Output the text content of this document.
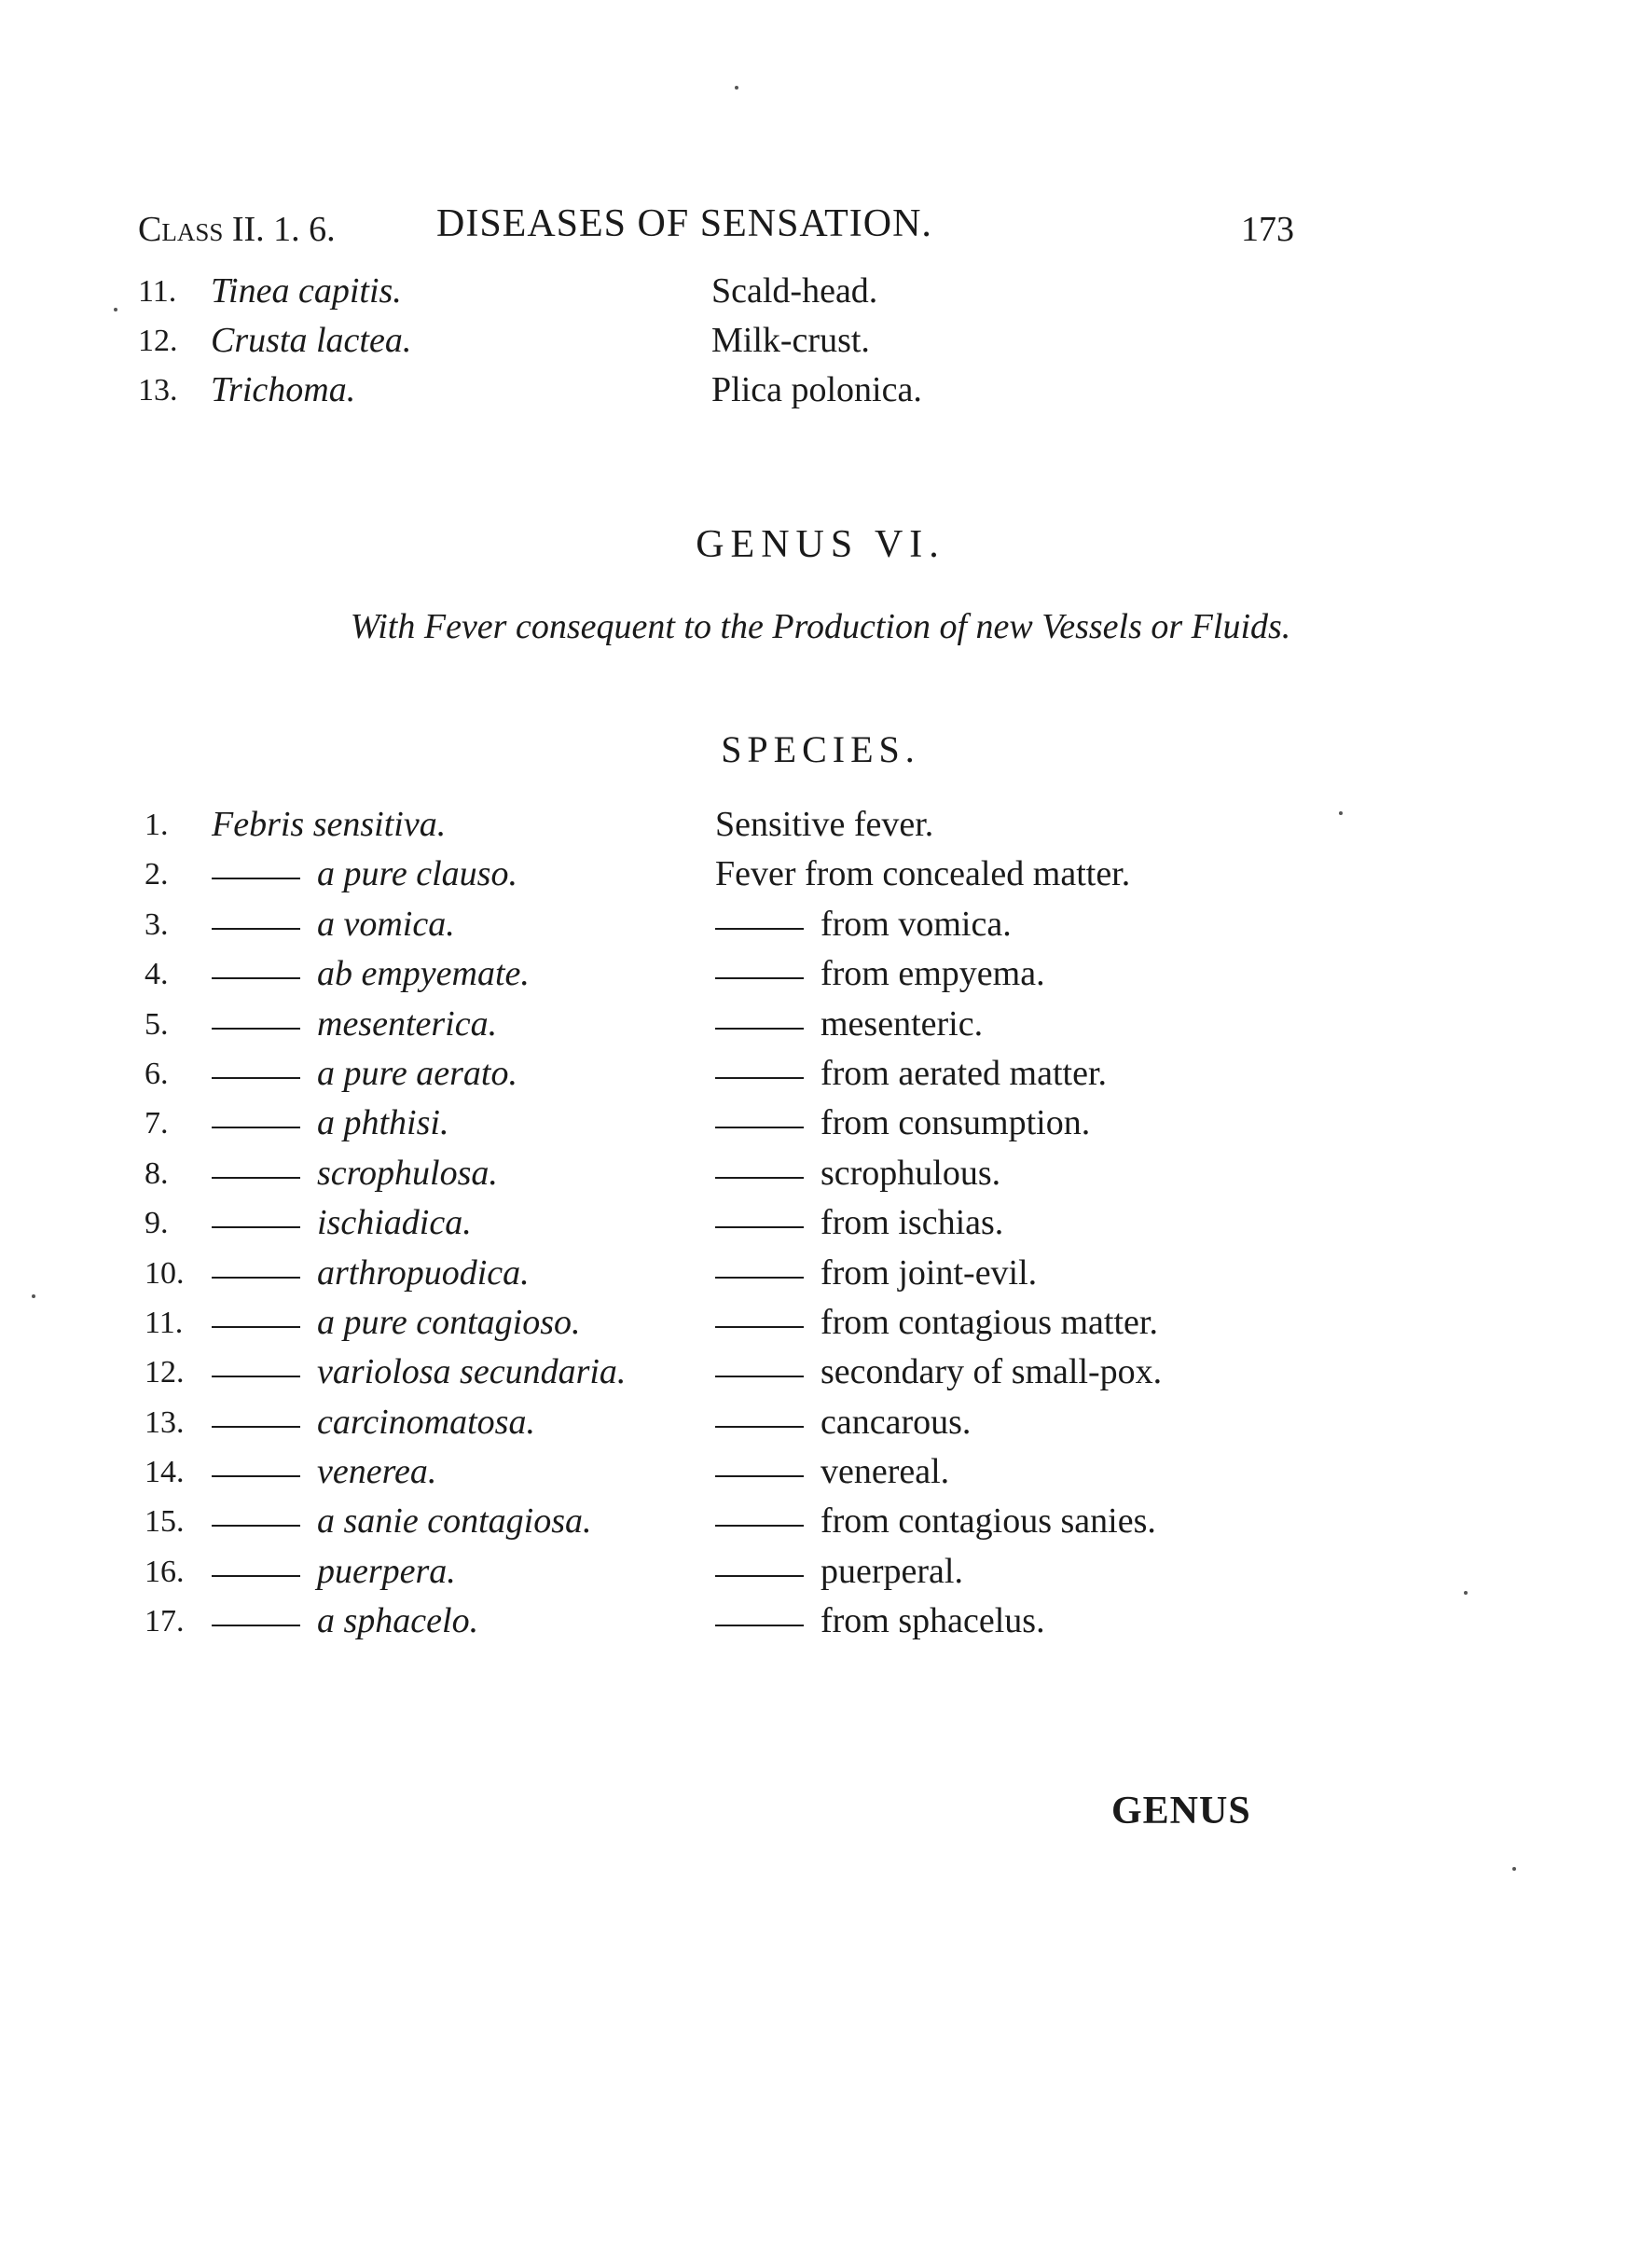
Class II. 1. 6.	DISEASES OF SENSATION.	173
11. Tinea capitis.	Scald-head.
12. Crusta lactea.	Milk-crust.
13. Trichoma.	Plica polonica.
GENUS VI.
With Fever consequent to the Production of new Vessels or Fluids.
SPECIES.
1. Febris sensitiva.	Sensitive fever.
2.	a pure clauso.	Fever from concealed matter.
3.	a vomica.	from vomica.
4.	ab empyemate.	from empyema.
5.	mesenterica.	mesenteric.
6.	a pure aerato.	from aerated matter.
7.	a phthisi.	from consumption.
8.	scrophulosa.	scrophulous.
9.	ischiadica.	from ischias.
10.	arthropuodica.	from joint-evil.
11.	a pure contagioso.	from contagious matter.
12.	variolosa secundaria.	secondary of small-pox.
13.	carcinomatosa.	cancarous.
14.	venerea.	venereal.
15.	a sanie contagiosa.	from contagious sanies.
16.	puerpera.	puerperal.
17.	a sphacelo.	from sphacelus.
GENUS
